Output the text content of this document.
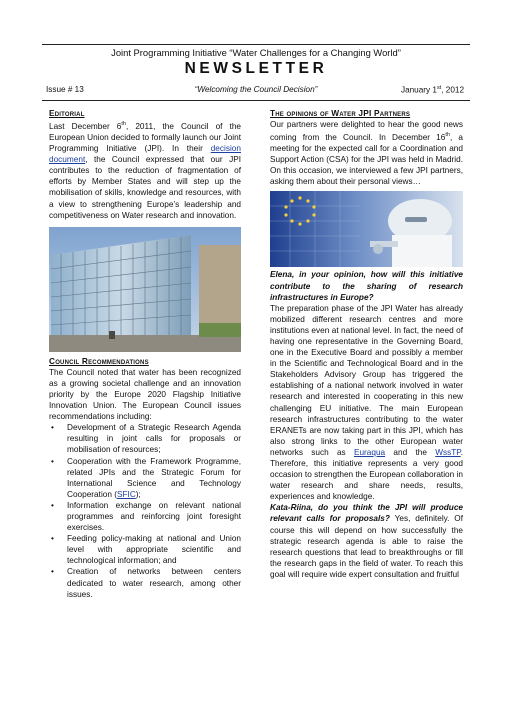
Joint Programming Initiative “Water Challenges for a Changing World”
NEWSLETTER
Issue # 13	“Welcoming the Council Decision”	January 1st, 2012
Editorial

Last December 6th, 2011, the Council of the European Union decided to formally launch our Joint Programming Initiative (JPI). In their decision document, the Council expressed that our JPI contributes to the reduction of fragmentation of efforts by Member States and will step up the mobilisation of skills, knowledge and resources, with a view to strengthening Europe’s leadership and competitiveness on Water research and innovation.

Council Recommendations

The Council noted that water has been recognized as a growing societal challenge and an innovation priority by the Europe 2020 Flagship Initiative Innovation Union. The European Council issues recommendations including:

• Development of a Strategic Research Agenda resulting in joint calls for proposals or mobilisation of resources;
• Cooperation with the Framework Programme, related JPIs and the Strategic Forum for International Science and Technology Cooperation (SFIC);
• Information exchange on relevant national programmes and reinforcing joint foresight exercises.
• Feeding policy-making at national and Union level with appropriate scientific and technological information; and
• Creation of networks between centers dedicated to water research, among other issues.
The opinions of Water JPI Partners

Our partners were delighted to hear the good news coming from the Council. In December 16th, a meeting for the expected call for a Coordination and Support Action (CSA) for the JPI was held in Madrid. On this occasion, we interviewed a few JPI partners, asking them about their personal views…

Elena, in your opinion, how will this initiative contribute to the sharing of research infrastructures in Europe?

The preparation phase of the JPI Water has already mobilized different research centres and more institutions even at national level. In fact, the need of having one representative in the Governing Board, one in the Executive Board and possibly a member in the Scientific and Technological Board and in the Stakeholders Advisory Group has triggered the establishing of a national network involved in water research and interested in cooperating in this new challenging EU initiative. The main European research infrastructures contributing to the water ERANETs are now taking part in this JPI, which has also strong links to the other European water networks such as Euraqua and the WssTP. Therefore, this initiative represents a very good occasion to strengthen the European collaboration in water research and share needs, results, experiences and knowledge.

Kata-Riina, do you think the JPI will produce relevant calls for proposals? Yes, definitely. Of course this will depend on how successfully the strategic research agenda is able to raise the research questions that lead to breakthroughs or fill the research gaps in the field of water. To reach this goal will require wide expert consultation and fruitful
